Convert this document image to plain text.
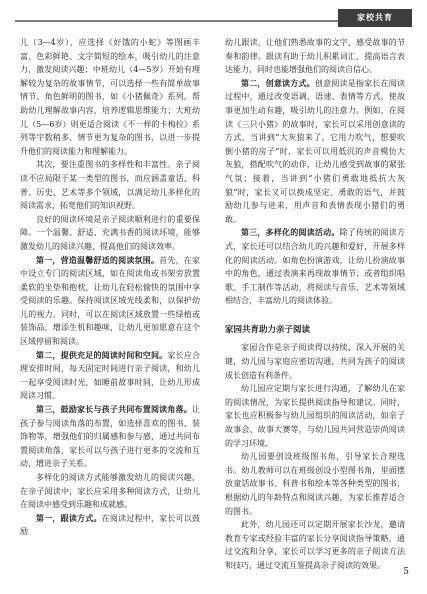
家校共育

儿（3—4岁），应选择《好饿的小蛇》等图画丰富、色彩鲜艳、文字简短的绘本，吸引幼儿的注意力，激发阅读兴趣；中班幼儿（4—5岁）开始有理解较为复杂的故事情节，可以选择一些有简单故事情节、角色鲜明的图书，如《小猪佩奇》系列，帮助幼儿理解故事内容，培养逻辑思维能力；大班幼儿（5—6岁）则更适合阅读《不一样的卡梅拉》系列等字数稍多、情节更为复杂的图书，以进一步提升他们的阅读能力和理解能力。

其次，要注重图书的多样性和丰富性。亲子阅读不应局限于某一类型的图书，而应涵盖童话、科普、历史、艺术等多个领域，以满足幼儿多样化的阅读需求，拓宽他们的知识视野。

良好的阅读环境是亲子阅读顺利进行的重要保障。一个温馨、舒适、充满书香的阅读环境，能够激发幼儿的阅读兴趣，提高他们的阅读效率。

第一，营造温馨舒适的阅读氛围。首先，在家中设立专门的阅读区域，如在阅读角或书架旁放置柔软的坐垫和抱枕，让幼儿在轻松愉快的氛围中享受阅读的乐趣。保持阅读区域光线柔和，以保护幼儿的视力。同时，可以在阅读区域放置一些绿植或装饰品，增添生机和趣味，让幼儿更加愿意在这个区域停留和阅读。

第二，提供充足的阅读时间和空间。家长应合理安排时间，每天固定时间进行亲子阅读，和幼儿一起享受阅读时光，如睡前故事时间，让幼儿形成阅读习惯。

第三，鼓励家长与孩子共同布置阅读角落。让孩子参与阅读角落的布置，如选择喜欢的图书、装饰物等，增强他们的归属感和参与感，通过共同布置阅读角落，家长可以与孩子进行更多的交流和互动，增进亲子关系。

多样化的阅读方式能够激发幼儿的阅读兴趣，在亲子阅读中，家长应采用多种阅读方式，让幼儿在阅读中感受到乐趣和成就感。

第一，跟读方式。在阅读过程中，家长可以鼓励

幼儿跟读，让他们熟悉故事的文字，感受故事的节奏和韵律。跟读有助于幼儿积累词汇，提高语言表达能力，同时也能增强他们的阅读自信心。

第二，创意读方式。创意阅读是指家长在阅读过程中，通过改变语调、语速、表情等方式，使故事更加生动有趣，吸引幼儿的注意力。例如，在阅读《三只小猪》的故事时，家长可以采用创意读的方式，当讲到“大灰狼来了，它用力吹气，想要吹倒小猪的房子”时，家长可以用低沉的声音模仿大灰狼，搭配吹气的动作，让幼儿感受到故事的紧张气氛；接着，当讲到“小猪们勇敢地抵抗大灰狼”时，家长又可以换成坚定、勇敢的语气，并鼓励幼儿参与进来，用声音和表情表现小猪们的勇敢。

第三，多样化的阅读活动。除了传统的阅读方式，家长还可以结合幼儿的兴趣和爱好，开展多样化的阅读活动。如角色扮演游戏，让幼儿扮演故事中的角色，通过表演来再现故事情节；或者组织唱歌、手工制作等活动，将阅读与音乐、艺术等领域相结合，丰富幼儿的阅读体验。

家园共育助力亲子阅读

家园合作是亲子阅读得以持续、深入开展的关键，幼儿园与家庭应密切沟通，共同为孩子的阅读成长创造有利条件。

幼儿园应定期与家长进行沟通，了解幼儿在家的阅读情况，为家长提供阅读指导和建议。同时，家长也应积极参与幼儿园组织的阅读活动，如亲子故事会、故事大赛等，与幼儿园共同营造崇尚阅读的学习环境。

幼儿园要创设班级图书角，引导家长合理选书。幼儿教师可以在班级创设小型图书角，里面摆放童话故事书、科普书和绘本等各种类型的图书，根据幼儿的年龄特点和阅读兴趣，为家长推荐适合的图书。

此外，幼儿园还可以定期开展家长沙龙，邀请教育专家或经验丰富的家长分享阅读指导策略，通过交流和分享，家长可以学习更多的亲子阅读方法和技巧，通过交流互鉴提高亲子阅读的效果。

5
